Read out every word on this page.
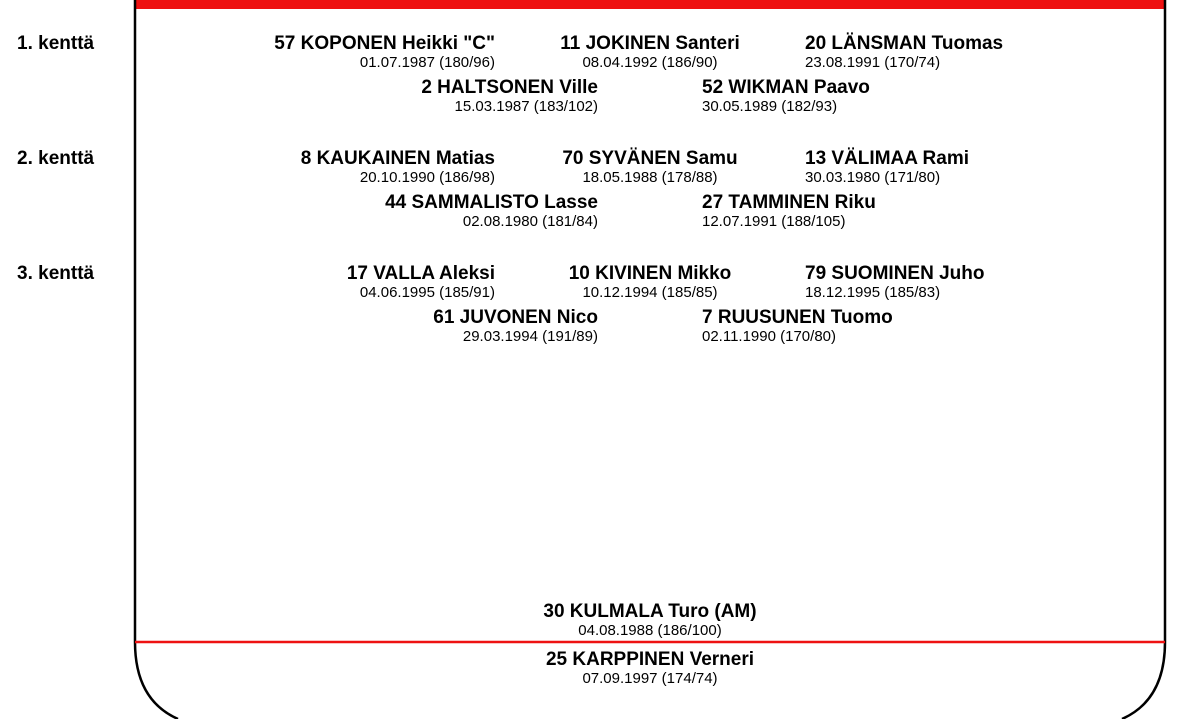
1. kenttä	57 KOPONEN Heikki "C"
01.07.1987 (180/96)
11 JOKINEN Santeri
08.04.1992 (186/90)
20 LÄNSMAN Tuomas
23.08.1991 (170/74)
2 HALTSONEN Ville
15.03.1987 (183/102)
52 WIKMAN Paavo
30.05.1989 (182/93)
2. kenttä	8 KAUKAINEN Matias
20.10.1990 (186/98)
70 SYVÄNEN Samu
18.05.1988 (178/88)
13 VÄLIMAA Rami
30.03.1980 (171/80)
44 SAMMALISTO Lasse
02.08.1980 (181/84)
27 TAMMINEN Riku
12.07.1991 (188/105)
3. kenttä	17 VALLA Aleksi
04.06.1995 (185/91)
10 KIVINEN Mikko
10.12.1994 (185/85)
79 SUOMINEN Juho
18.12.1995 (185/83)
61 JUVONEN Nico
29.03.1994 (191/89)
7 RUUSUNEN Tuomo
02.11.1990 (170/80)
30 KULMALA Turo (AM)
04.08.1988 (186/100)
25 KARPPINEN Verneri
07.09.1997 (174/74)
